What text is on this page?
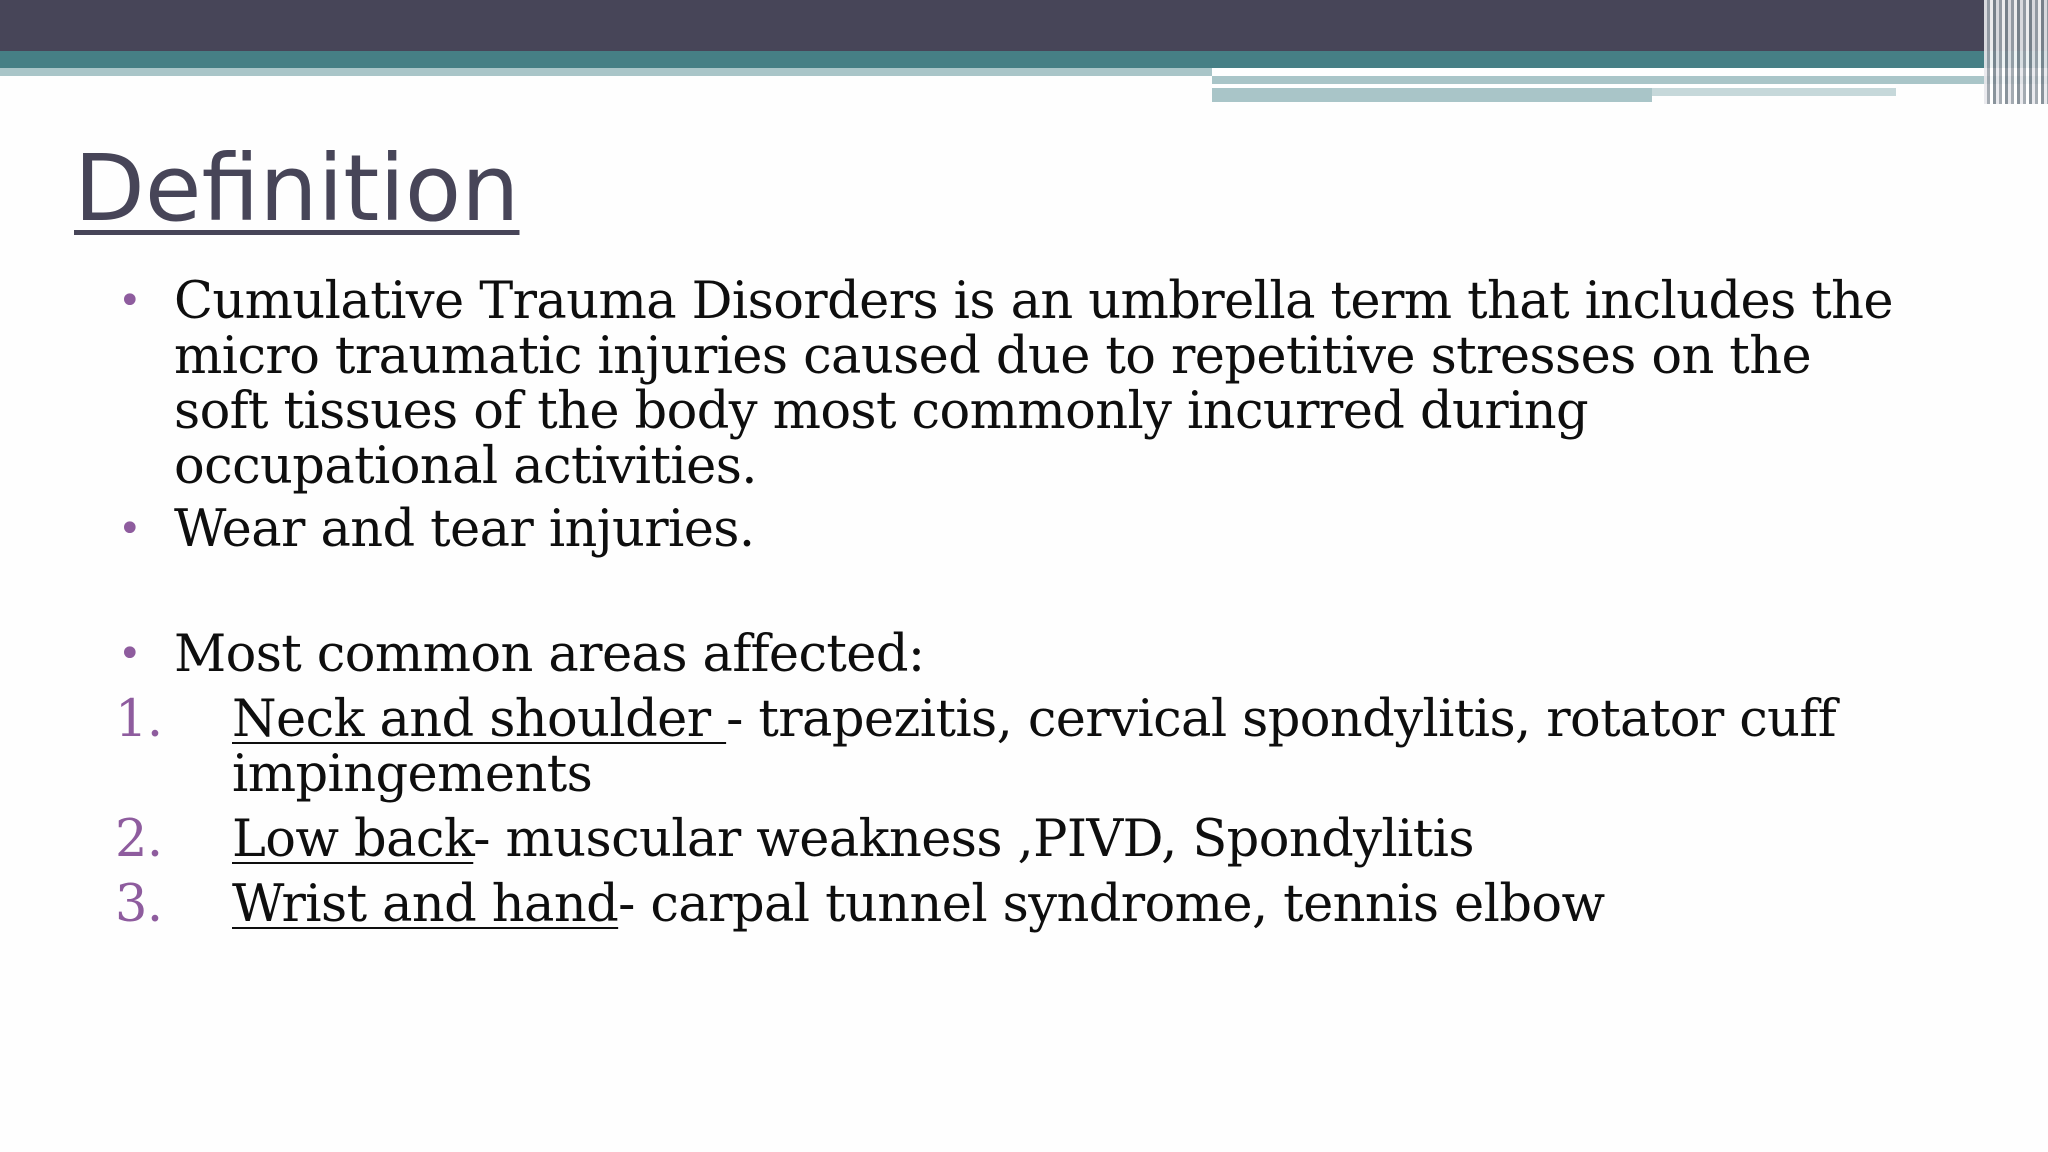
Definition
• Cumulative Trauma Disorders is an umbrella term that includes the micro traumatic injuries caused due to repetitive stresses on the soft tissues of the body most commonly incurred during occupational activities.
• Wear and tear injuries.
• Most common areas affected:
1. Neck and shoulder - trapezitis, cervical spondylitis, rotator cuff impingements
2. Low back- muscular weakness ,PIVD, Spondylitis
3. Wrist and hand- carpal tunnel syndrome, tennis elbow
